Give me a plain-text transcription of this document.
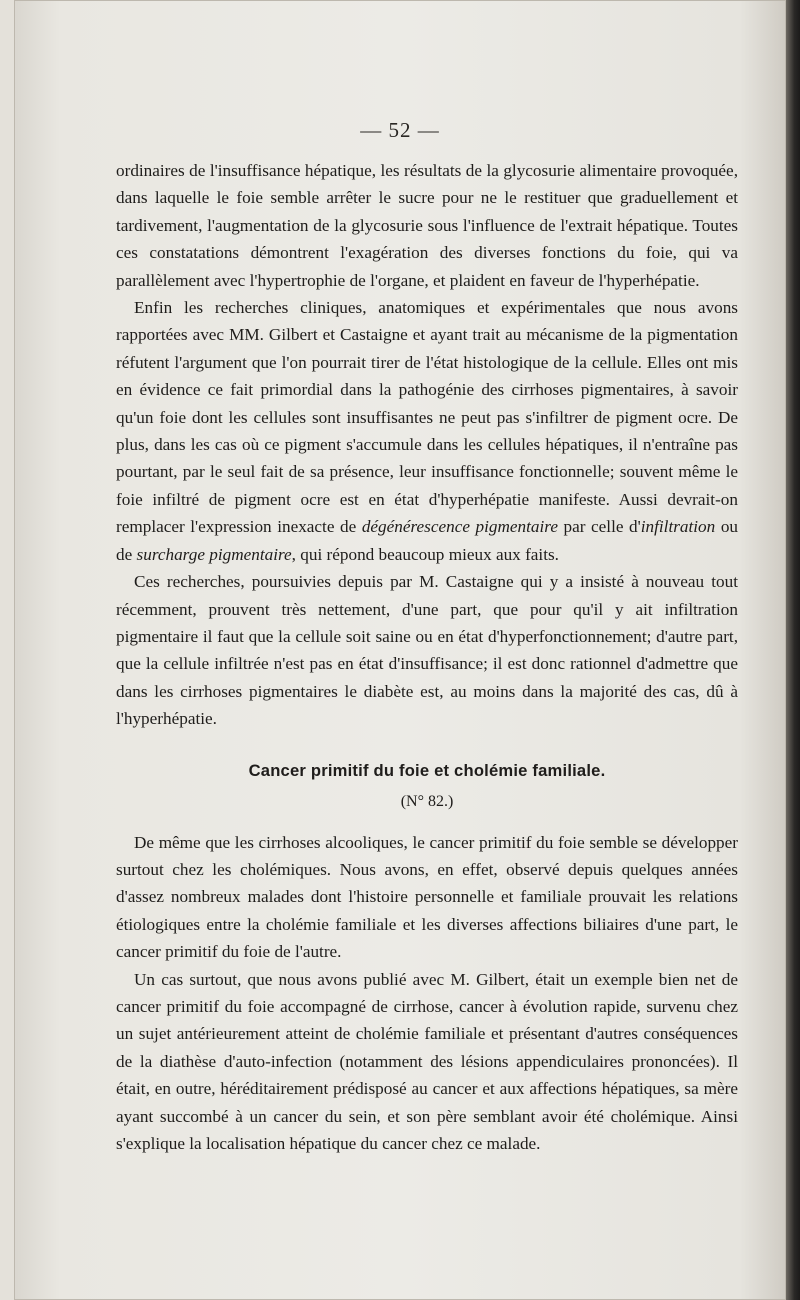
— 52 —

ordinaires de l'insuffisance hépatique, les résultats de la glycosurie alimentaire provoquée, dans laquelle le foie semble arrêter le sucre pour ne le restituer que graduellement et tardivement, l'augmentation de la glycosurie sous l'influence de l'extrait hépatique. Toutes ces constatations démontrent l'exagération des diverses fonctions du foie, qui va parallèlement avec l'hypertrophie de l'organe, et plaident en faveur de l'hyperhépatie.

Enfin les recherches cliniques, anatomiques et expérimentales que nous avons rapportées avec MM. Gilbert et Castaigne et ayant trait au mécanisme de la pigmentation réfutent l'argument que l'on pourrait tirer de l'état histologique de la cellule. Elles ont mis en évidence ce fait primordial dans la pathogénie des cirrhoses pigmentaires, à savoir qu'un foie dont les cellules sont insuffisantes ne peut pas s'infiltrer de pigment ocre. De plus, dans les cas où ce pigment s'accumule dans les cellules hépatiques, il n'entraîne pas pourtant, par le seul fait de sa présence, leur insuffisance fonctionnelle; souvent même le foie infiltré de pigment ocre est en état d'hyperhépatie manifeste. Aussi devrait-on remplacer l'expression inexacte de dégénérescence pigmentaire par celle d'infiltration ou de surcharge pigmentaire, qui répond beaucoup mieux aux faits.

Ces recherches, poursuivies depuis par M. Castaigne qui y a insisté à nouveau tout récemment, prouvent très nettement, d'une part, que pour qu'il y ait infiltration pigmentaire il faut que la cellule soit saine ou en état d'hyperfonctionnement; d'autre part, que la cellule infiltrée n'est pas en état d'insuffisance; il est donc rationnel d'admettre que dans les cirrhoses pigmentaires le diabète est, au moins dans la majorité des cas, dû à l'hyperhépatie.

Cancer primitif du foie et cholémie familiale.
(N° 82.)

De même que les cirrhoses alcooliques, le cancer primitif du foie semble se développer surtout chez les cholémiques. Nous avons, en effet, observé depuis quelques années d'assez nombreux malades dont l'histoire personnelle et familiale prouvait les relations étiologiques entre la cholémie familiale et les diverses affections biliaires d'une part, le cancer primitif du foie de l'autre.

Un cas surtout, que nous avons publié avec M. Gilbert, était un exemple bien net de cancer primitif du foie accompagné de cirrhose, cancer à évolution rapide, survenu chez un sujet antérieurement atteint de cholémie familiale et présentant d'autres conséquences de la diathèse d'auto-infection (notamment des lésions appendiculaires prononcées). Il était, en outre, héréditairement prédisposé au cancer et aux affections hépatiques, sa mère ayant succombé à un cancer du sein, et son père semblant avoir été cholémique. Ainsi s'explique la localisation hépatique du cancer chez ce malade.
